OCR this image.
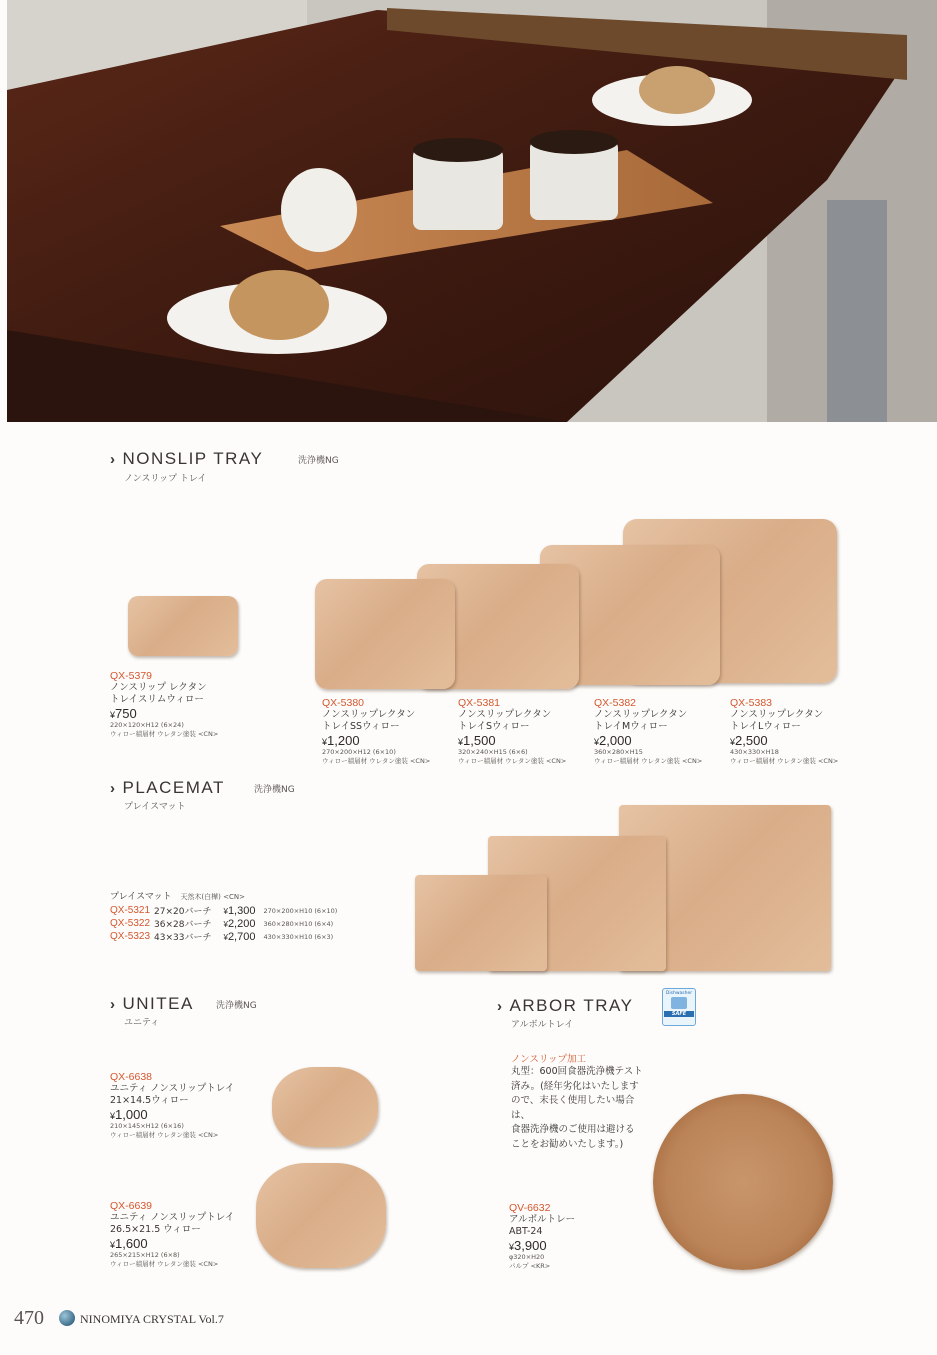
› NONSLIP TRAY	洗浄機NG
ノンスリップ トレイ
QX-5379
ノンスリップ レクタン
トレイスリムウィロー
¥750
220×120×H12 (6×24)
ウィロー積層材 ウレタン塗装 <CN>
QX-5380
ノンスリップレクタン
トレイSSウィロー
¥1,200
270×200×H12 (6×10)
ウィロー積層材 ウレタン塗装 <CN>
QX-5381
ノンスリップレクタン
トレイSウィロー
¥1,500
320×240×H15 (6×6)
ウィロー積層材 ウレタン塗装 <CN>
QX-5382
ノンスリップレクタン
トレイMウィロー
¥2,000
360×280×H15
ウィロー積層材 ウレタン塗装 <CN>
QX-5383
ノンスリップレクタン
トレイLウィロー
¥2,500
430×330×H18
ウィロー積層材 ウレタン塗装 <CN>
› PLACEMAT	洗浄機NG
プレイスマット
プレイスマット 天然木(白樺) <CN>
QX-5321	27×20バーチ	¥1,300	270×200×H10 (6×10)
QX-5322	36×28バーチ	¥2,200	360×280×H10 (6×4)
QX-5323	43×33バーチ	¥2,700	430×330×H10 (6×3)
› UNITEA 洗浄機NG
ユニティ
QX-6638
ユニティ ノンスリップトレイ
21×14.5ウィロー
¥1,000
210×145×H12 (6×16)
ウィロー積層材 ウレタン塗装 <CN>
QX-6639
ユニティ ノンスリップトレイ
26.5×21.5 ウィロー
¥1,600
265×215×H12 (6×8)
ウィロー積層材 ウレタン塗装 <CN>
› ARBOR TRAY
アルボルトレイ
Dishwasher
SAFE
ノンスリップ加工
丸型：600回食器洗浄機テスト
済み。(経年劣化はいたします
ので、末長く使用したい場合は、
食器洗浄機のご使用は避ける
ことをお勧めいたします。)
QV-6632
アルボルトレー
ABT-24
¥3,900
φ320×H20
パルプ <KR>
470	NINOMIYA CRYSTAL Vol.7
